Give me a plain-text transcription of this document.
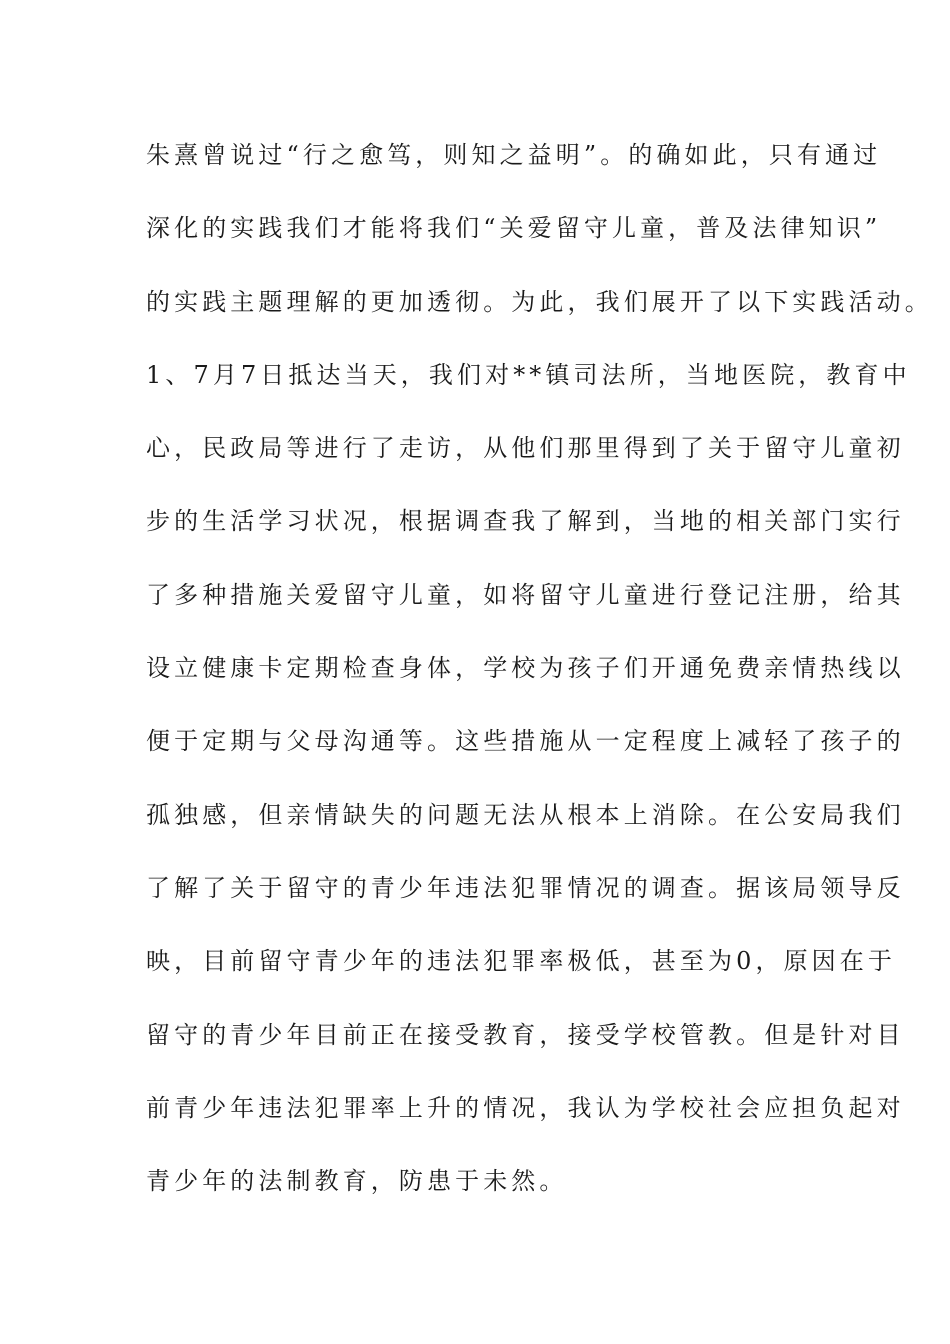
朱熹曾说过“行之愈笃，则知之益明”。的确如此，只有通过

深化的实践我们才能将我们“关爱留守儿童，普及法律知识”

的实践主题理解的更加透彻。为此，我们展开了以下实践活动。

1、7月7日抵达当天，我们对**镇司法所，当地医院，教育中

心，民政局等进行了走访，从他们那里得到了关于留守儿童初

步的生活学习状况，根据调查我了解到，当地的相关部门实行

了多种措施关爱留守儿童，如将留守儿童进行登记注册，给其

设立健康卡定期检查身体，学校为孩子们开通免费亲情热线以

便于定期与父母沟通等。这些措施从一定程度上减轻了孩子的

孤独感，但亲情缺失的问题无法从根本上消除。在公安局我们

了解了关于留守的青少年违法犯罪情况的调查。据该局领导反

映，目前留守青少年的违法犯罪率极低，甚至为0，原因在于

留守的青少年目前正在接受教育，接受学校管教。但是针对目

前青少年违法犯罪率上升的情况，我认为学校社会应担负起对

青少年的法制教育，防患于未然。
